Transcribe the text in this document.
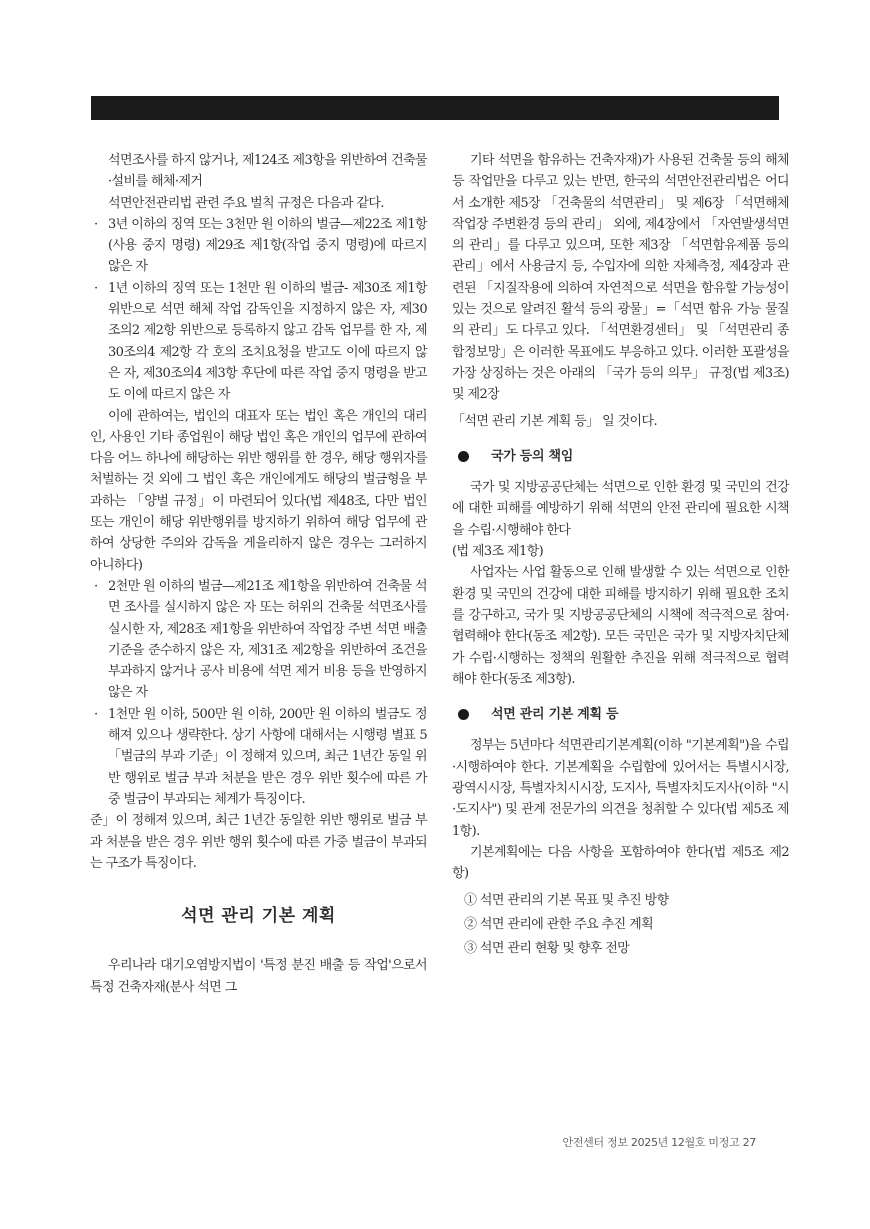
석면조사를 하지 않거나, 제124조 제3항을 위반하여 건축물·설비를 해체·제거

석면안전관리법 관련 주요 벌칙 규정은 다음과 같다.

· 3년 이하의 징역 또는 3천만 원 이하의 벌금—제22조 제1항(사용 중지 명령) 제29조 제1항(작업 중지 명령)에 따르지 않은 자

· 1년 이하의 징역 또는 1천만 원 이하의 벌금- 제30조 제1항 위반으로 석면 해체 작업 감독인을 지정하지 않은 자, 제30조의2 제2항 위반으로 등록하지 않고 감독 업무를 한 자, 제30조의4 제2항 각 호의 조치요청을 받고도 이에 따르지 않은 자, 제30조의4 제3항 후단에 따른 작업 중지 명령을 받고도 이에 따르지 않은 자

이에 관하여는, 법인의 대표자 또는 법인 혹은 개인의 대리인, 사용인 기타 종업원이 해당 법인 혹은 개인의 업무에 관하여 다음 어느 하나에 해당하는 위반 행위를 한 경우, 해당 행위자를 처벌하는 것 외에 그 법인 혹은 개인에게도 해당의 벌금형을 부과하는 「양벌 규정」이 마련되어 있다(법 제48조, 다만 법인 또는 개인이 해당 위반행위를 방지하기 위하여 해당 업무에 관하여 상당한 주의와 감독을 게을리하지 않은 경우는 그러하지 아니하다)

· 2천만 원 이하의 벌금—제21조 제1항을 위반하여 건축물 석면 조사를 실시하지 않은 자 또는 허위의 건축물 석면조사를 실시한 자, 제28조 제1항을 위반하여 작업장 주변 석면 배출 기준을 준수하지 않은 자, 제31조 제2항을 위반하여 조건을 부과하지 않거나 공사 비용에 석면 제거 비용 등을 반영하지 않은 자

· 1천만 원 이하, 500만 원 이하, 200만 원 이하의 벌금도 정해져 있으나 생략한다. 상기 사항에 대해서는 시행령 별표 5 「벌금의 부과 기준」이 정해져 있으며, 최근 1년간 동일 위반 행위로 벌금 부과 처분을 받은 경우 위반 횟수에 따른 가중 벌금이 부과되는 체계가 특징이다.

준」이 정해져 있으며, 최근 1년간 동일한 위반 행위로 벌금 부과 처분을 받은 경우 위반 행위 횟수에 따른 가중 벌금이 부과되는 구조가 특징이다.

석면 관리 기본 계획

우리나라 대기오염방지법이 '특정 분진 배출 등 작업'으로서 특정 건축자재(분사 석면 그

기타 석면을 함유하는 건축자재)가 사용된 건축물 등의 해체 등 작업만을 다루고 있는 반면, 한국의 석면안전관리법은 어디서 소개한 제5장 「건축물의 석면관리」 및 제6장 「석면해체작업장 주변환경 등의 관리」 외에, 제4장에서 「자연발생석면의 관리」를 다루고 있으며, 또한 제3장 「석면함유제품 등의 관리」에서 사용금지 등, 수입자에 의한 자체측정, 제4장과 관련된 「지질작용에 의하여 자연적으로 석면을 함유할 가능성이 있는 것으로 알려진 활석 등의 광물」=「석면 함유 가능 물질의 관리」도 다루고 있다. 「석면환경센터」 및 「석면관리 종합정보망」은 이러한 목표에도 부응하고 있다. 이러한 포괄성을 가장 상징하는 것은 아래의 「국가 등의 의무」 규정(법 제3조) 및 제2장

「석면 관리 기본 계획 등」 일 것이다.

국가 등의 책임

국가 및 지방공공단체는 석면으로 인한 환경 및 국민의 건강에 대한 피해를 예방하기 위해 석면의 안전 관리에 필요한 시책을 수립·시행해야 한다

(법 제3조 제1항)

사업자는 사업 활동으로 인해 발생할 수 있는 석면으로 인한 환경 및 국민의 건강에 대한 피해를 방지하기 위해 필요한 조치를 강구하고, 국가 및 지방공공단체의 시책에 적극적으로 참여·협력해야 한다(동조 제2항). 모든 국민은 국가 및 지방자치단체가 수립·시행하는 정책의 원활한 추진을 위해 적극적으로 협력해야 한다(동조 제3항).

석면 관리 기본 계획 등

정부는 5년마다 석면관리기본계획(이하 "기본계획")을 수립·시행하여야 한다. 기본계획을 수립함에 있어서는 특별시시장, 광역시시장, 특별자치시시장, 도지사, 특별자치도지사(이하 "시·도지사") 및 관계 전문가의 의견을 청취할 수 있다(법 제5조 제1항).

기본계획에는 다음 사항을 포함하여야 한다(법 제5조 제2항)

① 석면 관리의 기본 목표 및 추진 방향
② 석면 관리에 관한 주요 추진 계획
③ 석면 관리 현황 및 향후 전망
안전센터 정보 2025년 12월호 미정고 27
